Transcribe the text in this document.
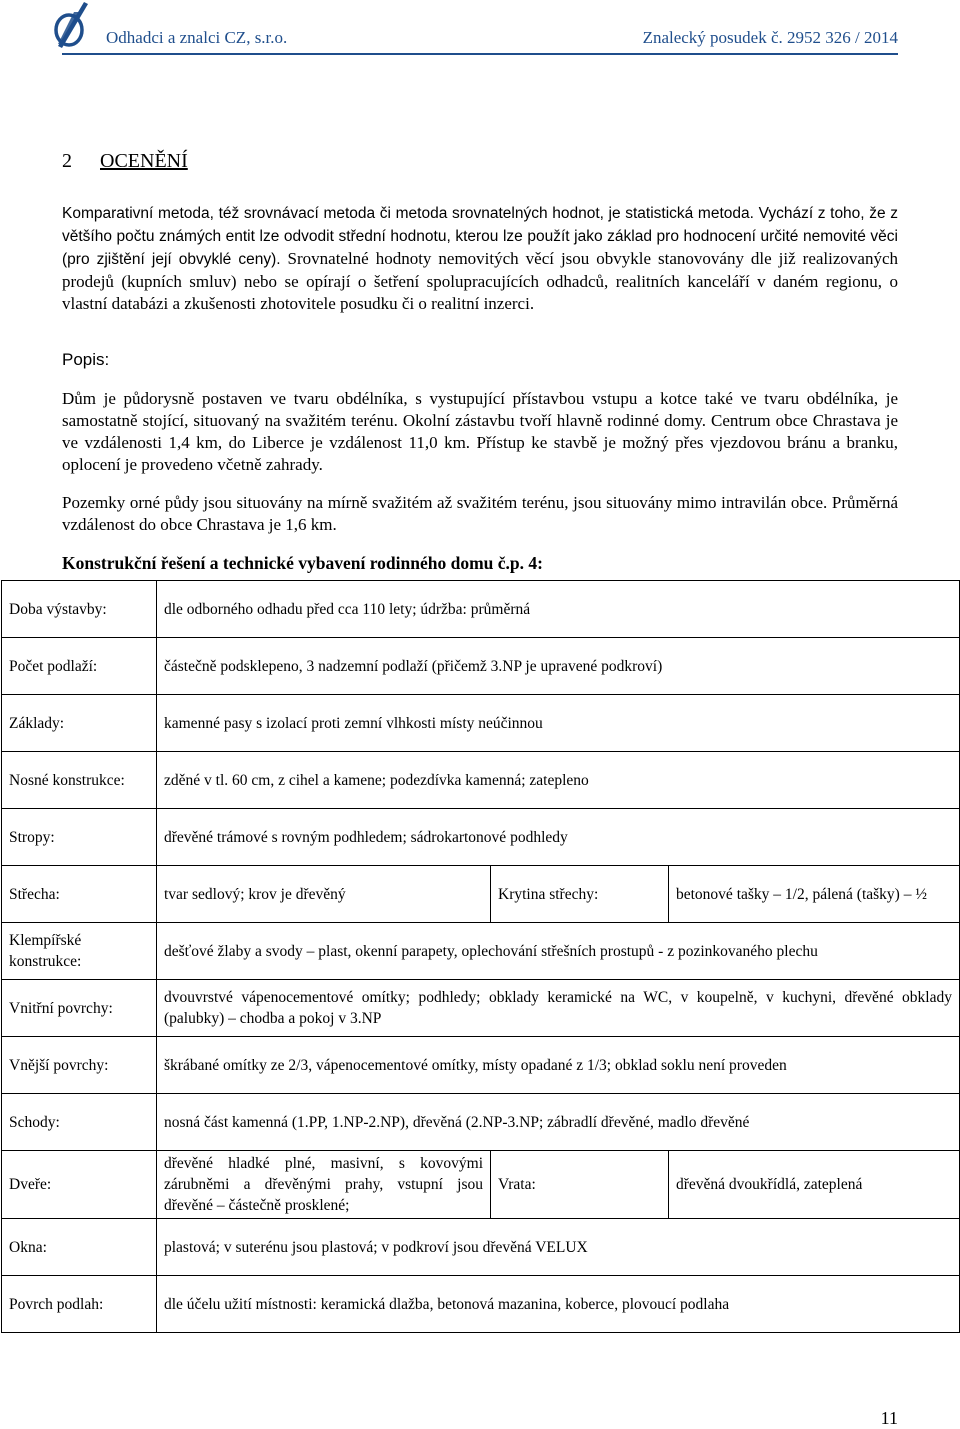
Odhadci a znalci CZ, s.r.o.	Znalecký posudek č. 2952 326 / 2014
2 OCENĚNÍ
Komparativní metoda, též srovnávací metoda či metoda srovnatelných hodnot, je statistická metoda. Vychází z toho, že z většího počtu známých entit lze odvodit střední hodnotu, kterou lze použít jako základ pro hodnocení určité nemovité věci (pro zjištění její obvyklé ceny). Srovnatelné hodnoty nemovitých věcí jsou obvykle stanovovány dle již realizovaných prodejů (kupních smluv) nebo se opírají o šetření spolupracujících odhadců, realitních kanceláří v daném regionu, o vlastní databázi a zkušenosti zhotovitele posudku či o realitní inzerci.
Popis:
Dům je půdorysně postaven ve tvaru obdélníka, s vystupující přístavbou vstupu a kotce také ve tvaru obdélníka, je samostatně stojící, situovaný na svažitém terénu. Okolní zástavbu tvoří hlavně rodinné domy. Centrum obce Chrastava je ve vzdálenosti 1,4 km, do Liberce je vzdálenost 11,0 km. Přístup ke stavbě je možný přes vjezdovou bránu a branku, oplocení je provedeno včetně zahrady.
Pozemky orné půdy jsou situovány na mírně svažitém až svažitém terénu, jsou situovány mimo intravilán obce. Průměrná vzdálenost do obce Chrastava je 1,6 km.
Konstrukční řešení a technické vybavení rodinného domu č.p. 4:
Doba výstavby:	dle odborného odhadu před cca 110 lety; údržba: průměrná		
Počet podlaží:	částečně podsklepeno, 3 nadzemní podlaží (přičemž 3.NP je upravené podkroví)		
Základy:	kamenné pasy s izolací proti zemní vlhkosti místy neúčinnou		
Nosné konstrukce:	zděné v tl. 60 cm, z cihel a kamene; podezdívka kamenná; zatepleno		
Stropy:	dřevěné trámové s rovným podhledem; sádrokartonové podhledy		
Střecha:	tvar sedlový; krov je dřevěný	Krytina střechy:	betonové tašky – 1/2, pálená (tašky) – ½
Klempířské konstrukce:	dešťové žlaby a svody – plast, okenní parapety, oplechování střešních prostupů - z pozinkovaného plechu		
Vnitřní povrchy:	dvouvrstvé vápenocementové omítky; podhledy; obklady keramické na WC, v koupelně, v kuchyni, dřevěné obklady (palubky) – chodba a pokoj v 3.NP		
Vnější povrchy:	škrábané omítky ze 2/3, vápenocementové omítky, místy opadané z 1/3; obklad soklu není proveden		
Schody:	nosná část kamenná (1.PP, 1.NP-2.NP), dřevěná (2.NP-3.NP; zábradlí dřevěné, madlo dřevěné		
Dveře:	dřevěné hladké plné, masivní, s kovovými zárubněmi a dřevěnými prahy, vstupní jsou dřevěné – částečně prosklené;	Vrata:	dřevěná dvoukřídlá, zateplená
Okna:	plastová; v suterénu jsou plastová; v podkroví jsou dřevěná VELUX		
Povrch podlah:	dle účelu užití místnosti: keramická dlažba, betonová mazanina, koberce, plovoucí podlaha		
11
